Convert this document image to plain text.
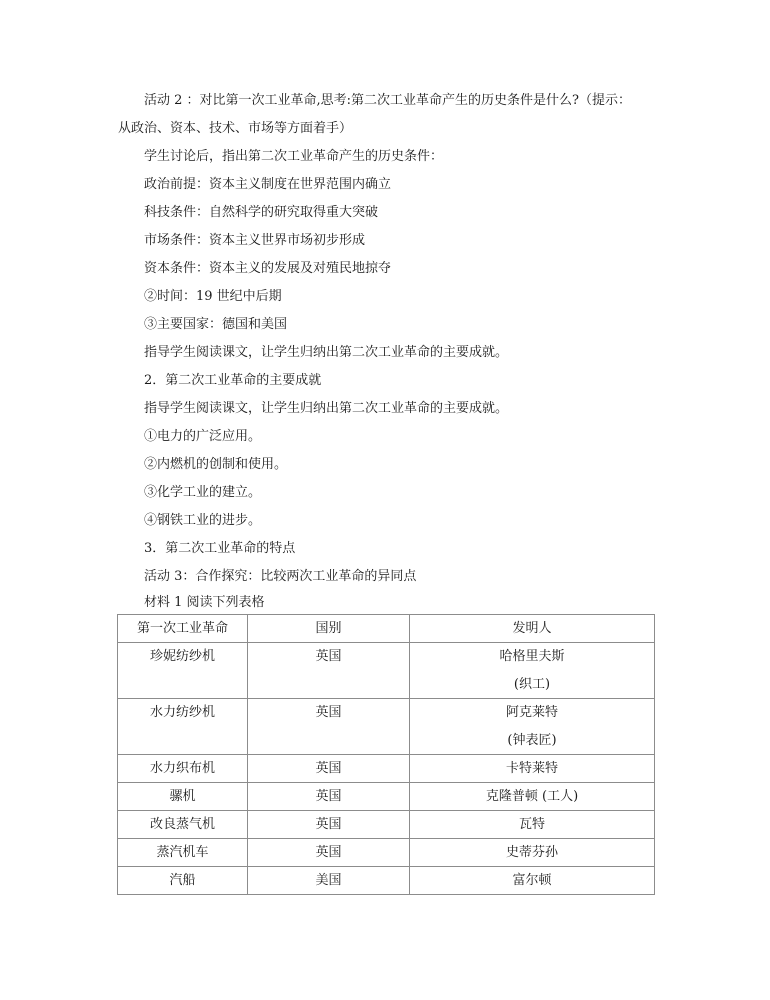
活动 2 ：对比第一次工业革命,思考:第二次工业革命产生的历史条件是什么?（提示：
从政治、资本、技术、市场等方面着手）
学生讨论后，指出第二次工业革命产生的历史条件：
政治前提：资本主义制度在世界范围内确立
科技条件：自然科学的研究取得重大突破
市场条件：资本主义世界市场初步形成
资本条件：资本主义的发展及对殖民地掠夺
②时间：19 世纪中后期
③主要国家：德国和美国
指导学生阅读课文，让学生归纳出第二次工业革命的主要成就。
2．第二次工业革命的主要成就
指导学生阅读课文，让学生归纳出第二次工业革命的主要成就。
①电力的广泛应用。
②内燃机的创制和使用。
③化学工业的建立。
④钢铁工业的进步。
3．第二次工业革命的特点
活动 3：合作探究：比较两次工业革命的异同点
材料 1 阅读下列表格
第一次工业革命	国别	发明人
珍妮纺纱机	英国	哈格里夫斯
(织工)

水力纺纱机	英国	阿克莱特
(钟表匠)

水力织布机	英国	卡特莱特
骡机	英国	克隆普顿 (工人)
改良蒸气机	英国	瓦特
蒸汽机车	英国	史蒂芬孙
汽船	美国	富尔顿
